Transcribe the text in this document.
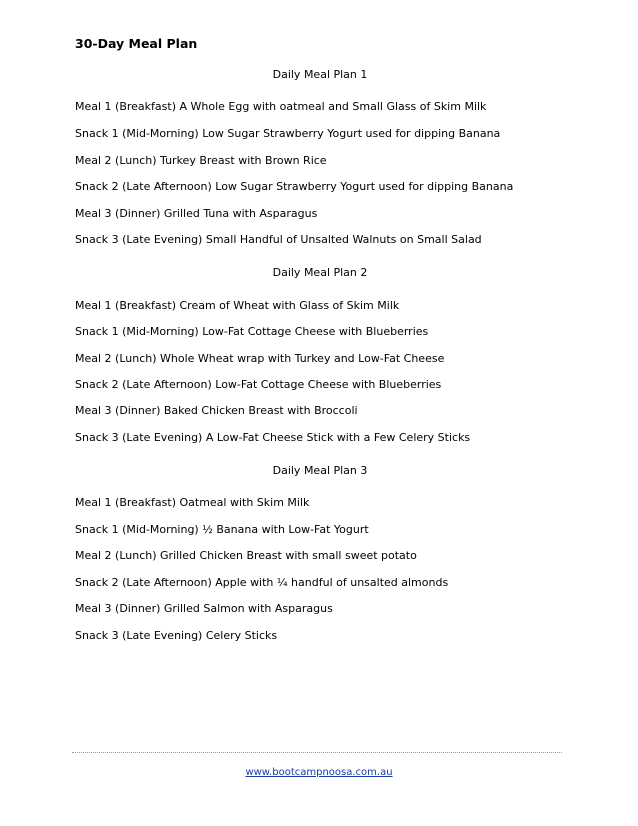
30-Day Meal Plan

Daily Meal Plan 1

Meal 1 (Breakfast) A Whole Egg with oatmeal and Small Glass of Skim Milk

Snack 1 (Mid-Morning) Low Sugar Strawberry Yogurt used for dipping Banana

Meal 2 (Lunch) Turkey Breast with Brown Rice

Snack 2 (Late Afternoon) Low Sugar Strawberry Yogurt used for dipping Banana

Meal 3 (Dinner) Grilled Tuna with Asparagus

Snack 3 (Late Evening) Small Handful of Unsalted Walnuts on Small Salad

Daily Meal Plan 2

Meal 1 (Breakfast) Cream of Wheat with Glass of Skim Milk

Snack 1 (Mid-Morning) Low-Fat Cottage Cheese with Blueberries

Meal 2 (Lunch) Whole Wheat wrap with Turkey and Low-Fat Cheese

Snack 2 (Late Afternoon) Low-Fat Cottage Cheese with Blueberries

Meal 3 (Dinner) Baked Chicken Breast with Broccoli

Snack 3 (Late Evening) A Low-Fat Cheese Stick with a Few Celery Sticks

Daily Meal Plan 3

Meal 1 (Breakfast) Oatmeal with Skim Milk

Snack 1 (Mid-Morning) ½ Banana with Low-Fat Yogurt

Meal 2 (Lunch) Grilled Chicken Breast with small sweet potato

Snack 2 (Late Afternoon) Apple with ¼ handful of unsalted almonds

Meal 3 (Dinner) Grilled Salmon with Asparagus

Snack 3 (Late Evening) Celery Sticks

www.bootcampnoosa.com.au
